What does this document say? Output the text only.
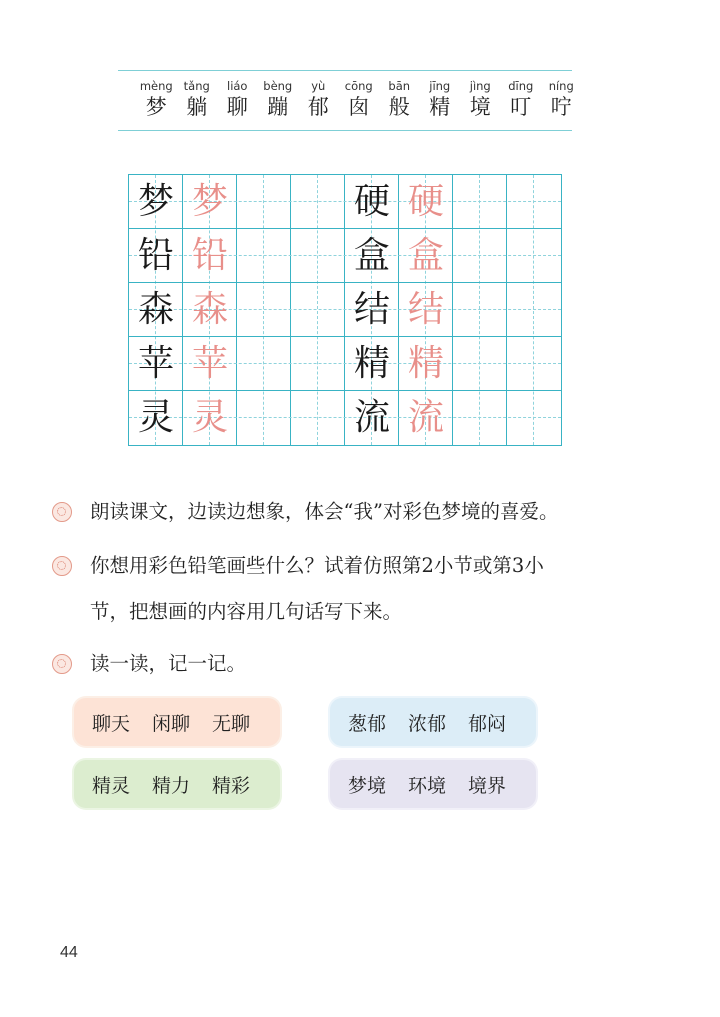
mèng
梦
tǎng
躺
liáo
聊
bèng
蹦
yù
郁
cōng
囱
bān
般
jīng
精
jìng
境
dīng
叮
níng
咛
梦 梦
铅 铅
森 森
苹 苹
灵 灵
硬 硬
盒 盒
结 结
精 精
流 流
朗读课文，边读边想象，体会“我”对彩色梦境的喜爱。
你想用彩色铅笔画些什么？试着仿照第2小节或第3小
节，把想画的内容用几句话写下来。
读一读，记一记。
聊天 闲聊 无聊	葱郁 浓郁 郁闷
精灵 精力 精彩	梦境 环境 境界
44
